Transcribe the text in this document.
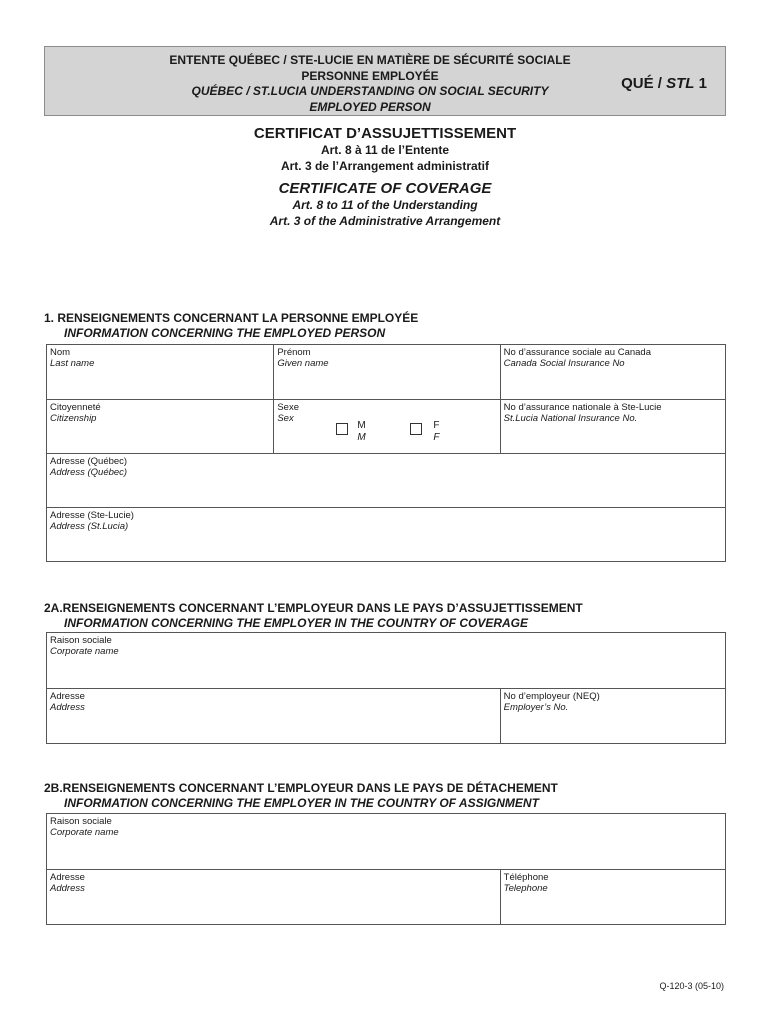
ENTENTE QUÉBEC / STE-LUCIE EN MATIÈRE DE SÉCURITÉ SOCIALE
PERSONNE EMPLOYÉE
QUÉBEC / ST.LUCIA UNDERSTANDING ON SOCIAL SECURITY
EMPLOYED PERSON
QUÉ / STL 1
CERTIFICAT D’ASSUJETTISSEMENT
Art. 8 à 11 de l’Entente
Art. 3 de l’Arrangement administratif
CERTIFICATE OF COVERAGE
Art. 8 to 11 of the Understanding
Art. 3 of the Administrative Arrangement
1. RENSEIGNEMENTS CONCERNANT LA PERSONNE EMPLOYÉE
INFORMATION CONCERNING THE EMPLOYED PERSON
Nom
Last name
Prénom
Given name
No d’assurance sociale au Canada
Canada Social Insurance No
Citoyenneté
Citizenship
Sexe
Sex
M
M
F
F
No d’assurance nationale à Ste-Lucie
St.Lucia National Insurance No.
Adresse (Québec)
Address (Québec)
Adresse (Ste-Lucie)
Address (St.Lucia)
2A.RENSEIGNEMENTS CONCERNANT L’EMPLOYEUR DANS LE PAYS D’ASSUJETTISSEMENT
INFORMATION CONCERNING THE EMPLOYER IN THE COUNTRY OF COVERAGE
Raison sociale
Corporate name
Adresse
Address
No d’employeur (NEQ)
Employer’s No.
2B.RENSEIGNEMENTS CONCERNANT L’EMPLOYEUR DANS LE PAYS DE DÉTACHEMENT
INFORMATION CONCERNING THE EMPLOYER IN THE COUNTRY OF ASSIGNMENT
Raison sociale
Corporate name
Adresse
Address
Téléphone
Telephone
Q-120-3 (05-10)
